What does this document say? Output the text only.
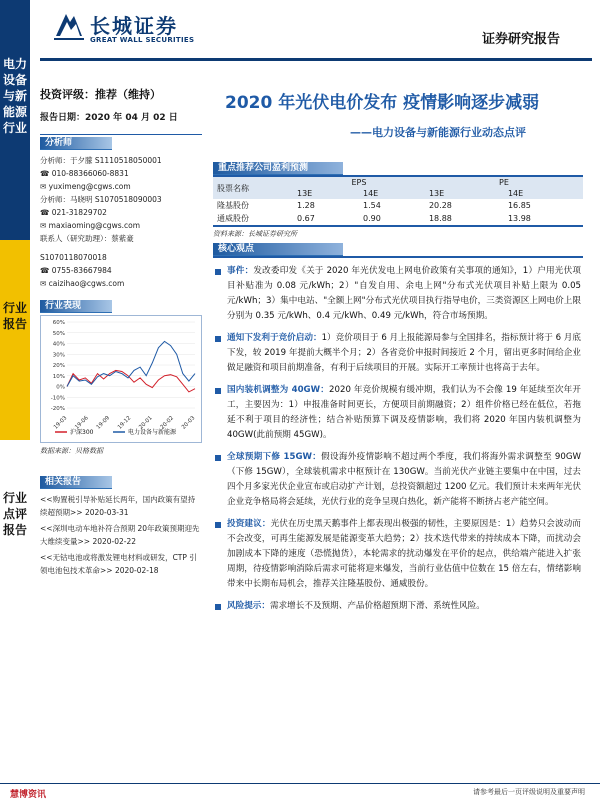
电力设备与新能源行业
行业报告
行业点评报告
长城证券
GREAT WALL SECURITIES	证券研究报告
投资评级：推荐（维持）
报告日期：2020 年 04 月 02 日
分析师
分析师：于夕朦 S1110518050001
☎ 010-88366060-8831
✉ yuximeng@cgws.com
分析师：马晓明 S1070518090003
☎ 021-31829702
✉ maxiaoming@cgws.com
联系人（研究助理）：蔡紫豪
S1070118070018
☎ 0755-83667984
✉ caizihao@cgws.com
行业表现
60%
50%
40%
30%
20%
10%
0%
-10%
-20%
19-03 19-06 19-09 19-12 20-01 20-02 20-03
沪深300	电力设备与新能源
数据来源：贝格数据
相关报告
<<购置税引导补贴延长两年，国内政策有望持续超预期>> 2020-03-31
<<深圳电动车地补符合预期 20年政策预期迎先大维续变量>> 2020-02-22
<<无钴电池或将激发锂电材料或研发，CTP 引领电池包技术革命>> 2020-02-18
2020 年光伏电价发布 疫情影响逐步减弱
——电力设备与新能源行业动态点评
重点推荐公司盈利预测
股票名称	EPS		PE	
	13E	14E	13E	14E
隆基股份	1.28	1.54	20.28	16.85
通威股份	0.67	0.90	18.88	13.98
资料来源：长城证券研究所
核心观点
事件：发改委印发《关于 2020 年光伏发电上网电价政策有关事项的通知》，1）户用光伏项目补贴准为 0.08 元/kWh；2）"自发自用、余电上网"分布式光伏项目补贴上限为 0.05 元/kWh；3）集中电站、"全额上网"分布式光伏项目执行指导电价，三类资源区上网电价上限分别为 0.35 元/kWh、0.4 元/kWh、0.49 元/kWh，符合市场预期。
通知下发利于竞价启动：1）竞价项目于 6 月上报能源局参与全国排名，指标预计将于 6 月底下发，较 2019 年提前大概半个月；2）各省竞价申报时间接近 2 个月，留出更多时间给企业做足融资和项目前期准备，有利于后续项目的开展。实际开工率预计也将高于去年。
国内装机调整为 40GW：2020 年竞价规模有缓冲期，我们认为不会像 19 年延续至次年开工，主要因为：1）申报准备时间更长，方便项目前期融资；2）组件价格已经在低位，若拖延不利于项目的经济性；结合补贴预算下调及疫情影响，我们将 2020 年国内装机调整为 40GW(此前预期 45GW)。
全球预期下修 15GW：假设海外疫情影响不超过两个季度，我们将海外需求调整至 90GW（下修 15GW），全球装机需求中枢预计在 130GW。当前光伏产业链主要集中在中国，过去四个月多家光伏企业宣布或启动扩产计划，总投资额超过 1200 亿元。我们预计未来两年光伏企业竞争格局将会延续，光伏行业的竞争呈现白热化，新产能将不断挤占老产能空间。
投资建议：光伏在历史黑天鹅事件上都表现出极强的韧性，主要原因是：1）趋势只会波动而不会改变，可再生能源发展是能源变革大趋势；2）技术迭代带来的持续成本下降，而扰动会加剧成本下降的速度（恐慌抛货），本轮需求的扰动爆发在平价的起点，供给端产能进入扩张周期，待疫情影响消除后需求可能将迎来爆发，当前行业估值中位数在 15 倍左右，情绪影响带来中长期布局机会，推荐关注隆基股份、通威股份。
风险提示：需求增长不及预期、产品价格超预期下滑、系统性风险。
慧博资讯	请参考最后一页评级说明及重要声明
